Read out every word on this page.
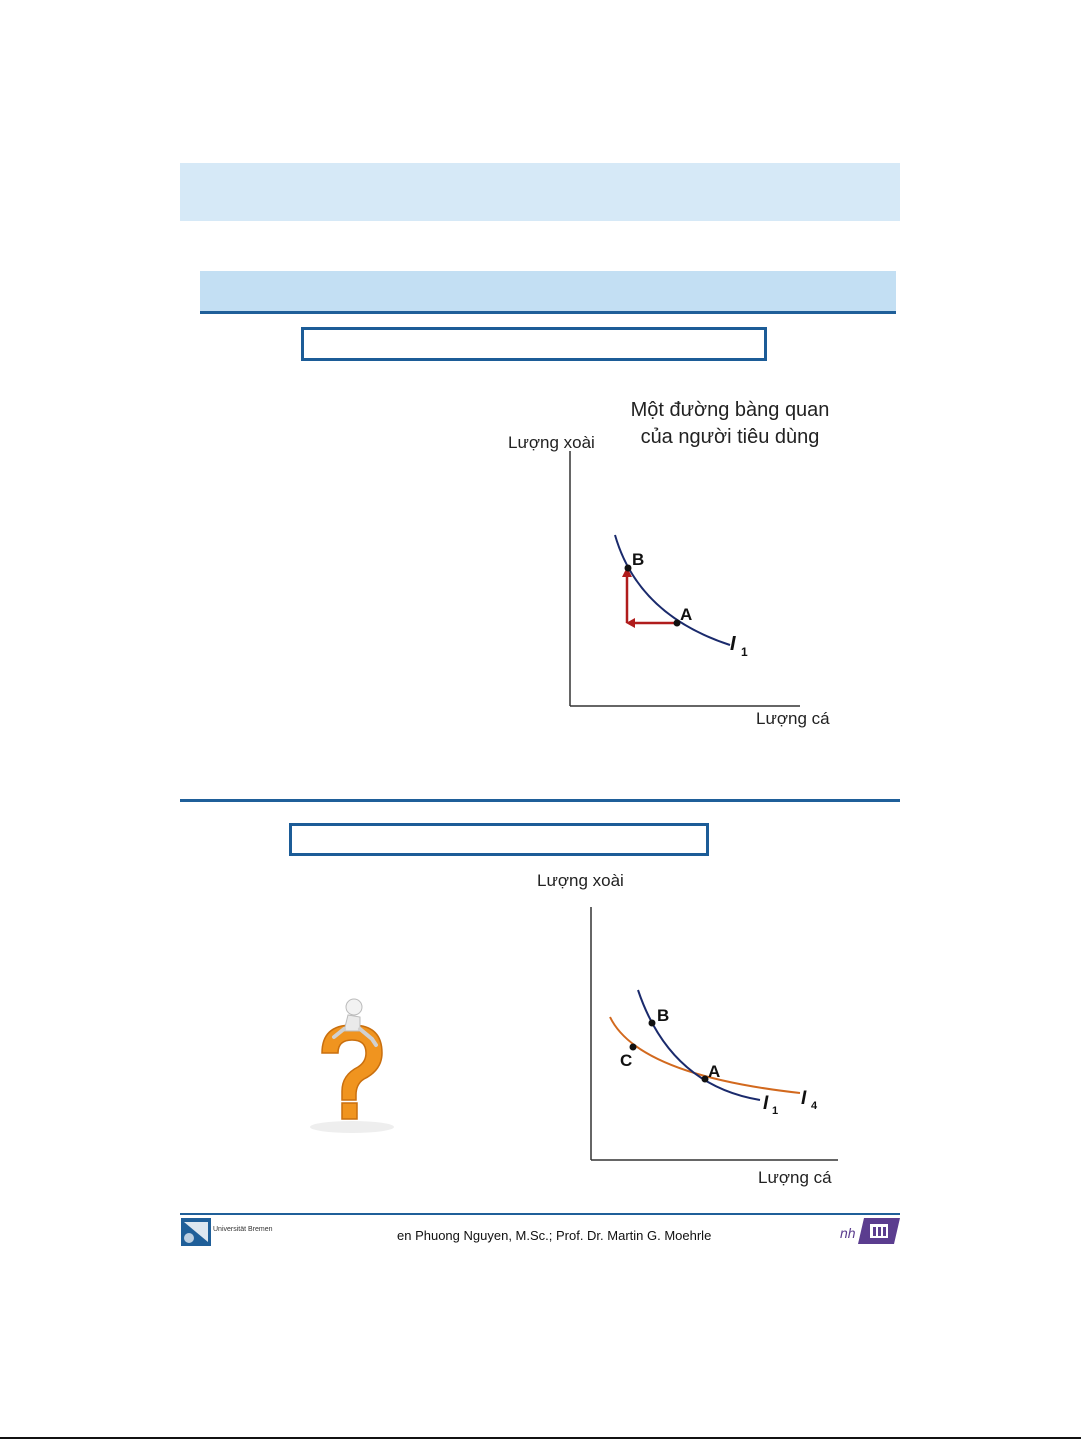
Một đường bàng quan
của người tiêu dùng
Lượng xoài
Lượng cá
A
B
I 1
Lượng xoài
Lượng cá
A
B
C
I 1
I 4
Universität Bremen	en Phuong Nguyen, M.Sc.; Prof. Dr. Martin G. Moehrle	nh
